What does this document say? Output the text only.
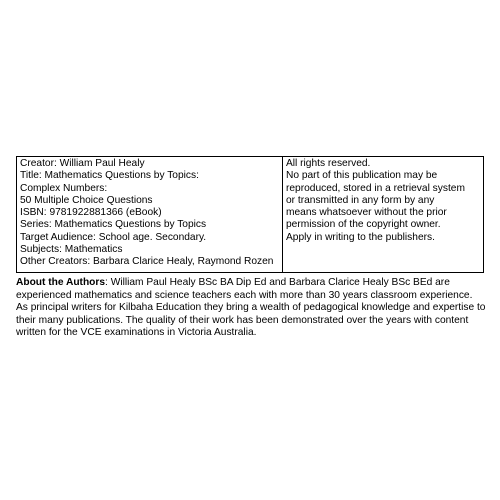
Creator: William Paul Healy
Title: Mathematics Questions by Topics:
Complex Numbers:
50 Multiple Choice Questions
ISBN: 9781922881366 (eBook)
Series: Mathematics Questions by Topics
Target Audience: School age. Secondary.
Subjects: Mathematics
Other Creators: Barbara Clarice Healy, Raymond Rozen

All rights reserved.
No part of this publication may be
reproduced, stored in a retrieval system
or transmitted in any form by any
means whatsoever without the prior
permission of the copyright owner.
Apply in writing to the publishers.

About the Authors: William Paul Healy BSc BA Dip Ed and Barbara Clarice Healy BSc BEd are experienced mathematics and science teachers each with more than 30 years classroom experience. As principal writers for Kilbaha Education they bring a wealth of pedagogical knowledge and expertise to their many publications. The quality of their work has been demonstrated over the years with content written for the VCE examinations in Victoria Australia.
